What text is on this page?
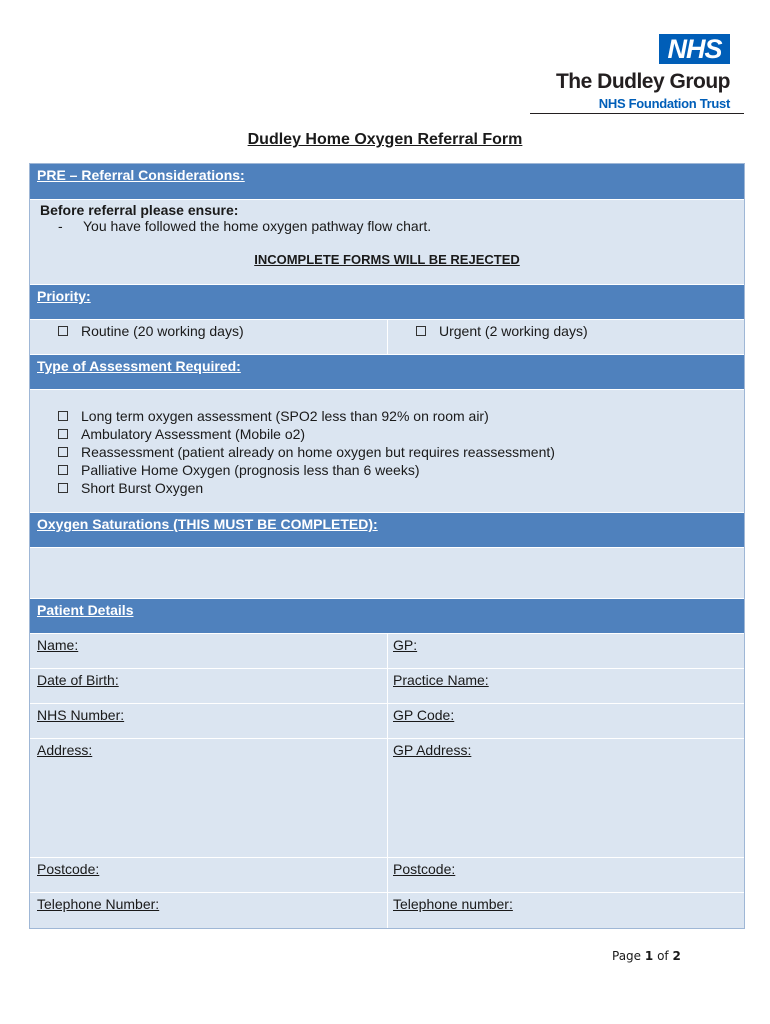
NHS
The Dudley Group
NHS Foundation Trust
Dudley Home Oxygen Referral Form
PRE – Referral Considerations:
Before referral please ensure:
- You have followed the home oxygen pathway flow chart.
INCOMPLETE FORMS WILL BE REJECTED
Priority:
Routine (20 working days)	Urgent (2 working days)
Type of Assessment Required:
Long term oxygen assessment (SPO2 less than 92% on room air)
Ambulatory Assessment (Mobile o2)
Reassessment (patient already on home oxygen but requires reassessment)
Palliative Home Oxygen (prognosis less than 6 weeks)
Short Burst Oxygen
Oxygen Saturations (THIS MUST BE COMPLETED):
Patient Details
Name:	GP:
Date of Birth:	Practice Name:
NHS Number:	GP Code:
Address:	GP Address:
Postcode:	Postcode:
Telephone Number:	Telephone number:
Page 1 of 2
